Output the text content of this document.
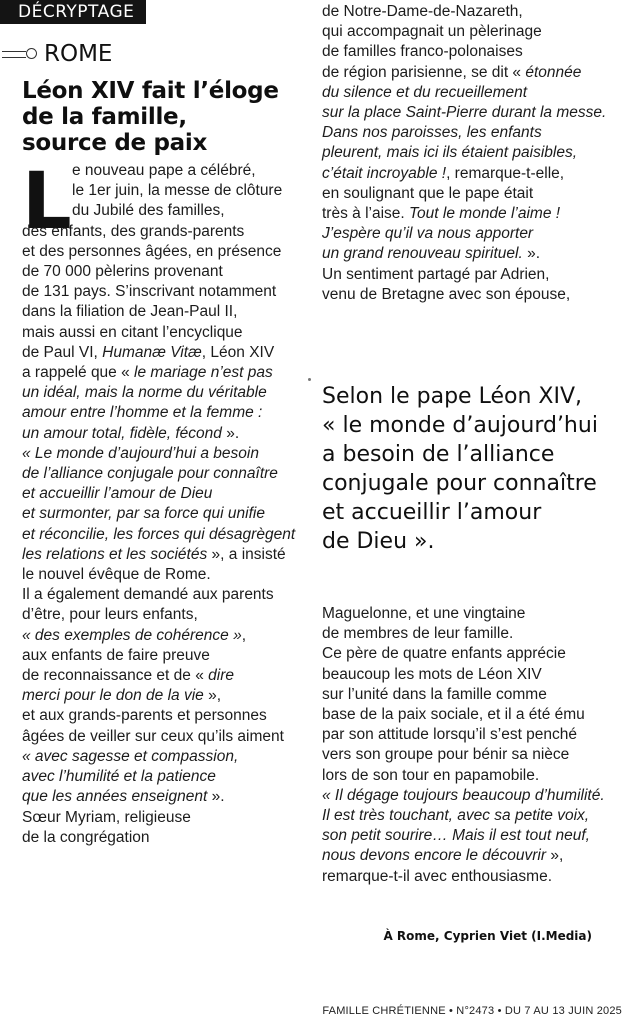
DÉCRYPTAGE
ROME
Léon XIV fait l’éloge
de la famille,
source de paix
L e nouveau pape a célébré,
le 1er juin, la messe de clôture
du Jubilé des familles,
des enfants, des grands-parents
et des personnes âgées, en présence
de 70 000 pèlerins provenant
de 131 pays. S’inscrivant notamment
dans la filiation de Jean-Paul II,
mais aussi en citant l’encyclique
de Paul VI, Humanæ Vitæ, Léon XIV
a rappelé que « le mariage n’est pas
un idéal, mais la norme du véritable
amour entre l’homme et la femme :
un amour total, fidèle, fécond ».
« Le monde d’aujourd’hui a besoin
de l’alliance conjugale pour connaître
et accueillir l’amour de Dieu
et surmonter, par sa force qui unifie
et réconcilie, les forces qui désagrègent
les relations et les sociétés », a insisté
le nouvel évêque de Rome.
Il a également demandé aux parents
d’être, pour leurs enfants,
« des exemples de cohérence »,
aux enfants de faire preuve
de reconnaissance et de « dire
merci pour le don de la vie »,
et aux grands-parents et personnes
âgées de veiller sur ceux qu’ils aiment
« avec sagesse et compassion,
avec l’humilité et la patience
que les années enseignent ».
Sœur Myriam, religieuse
de la congrégation
de Notre-Dame-de-Nazareth,
qui accompagnait un pèlerinage
de familles franco-polonaises
de région parisienne, se dit « étonnée
du silence et du recueillement
sur la place Saint-Pierre durant la messe.
Dans nos paroisses, les enfants
pleurent, mais ici ils étaient paisibles,
c’était incroyable !, remarque-t-elle,
en soulignant que le pape était
très à l’aise. Tout le monde l’aime !
J’espère qu’il va nous apporter
un grand renouveau spirituel. ».
Un sentiment partagé par Adrien,
venu de Bretagne avec son épouse,
Selon le pape Léon XIV,
« le monde d’aujourd’hui
a besoin de l’alliance
conjugale pour connaître
et accueillir l’amour
de Dieu ».
Maguelonne, et une vingtaine
de membres de leur famille.
Ce père de quatre enfants apprécie
beaucoup les mots de Léon XIV
sur l’unité dans la famille comme
base de la paix sociale, et il a été ému
par son attitude lorsqu’il s’est penché
vers son groupe pour bénir sa nièce
lors de son tour en papamobile.
« Il dégage toujours beaucoup d’humilité.
Il est très touchant, avec sa petite voix,
son petit sourire… Mais il est tout neuf,
nous devons encore le découvrir »,
remarque-t-il avec enthousiasme.
À Rome, Cyprien Viet (I.Media)
FAMILLE CHRÉTIENNE • N°2473 • DU 7 AU 13 JUIN 2025
